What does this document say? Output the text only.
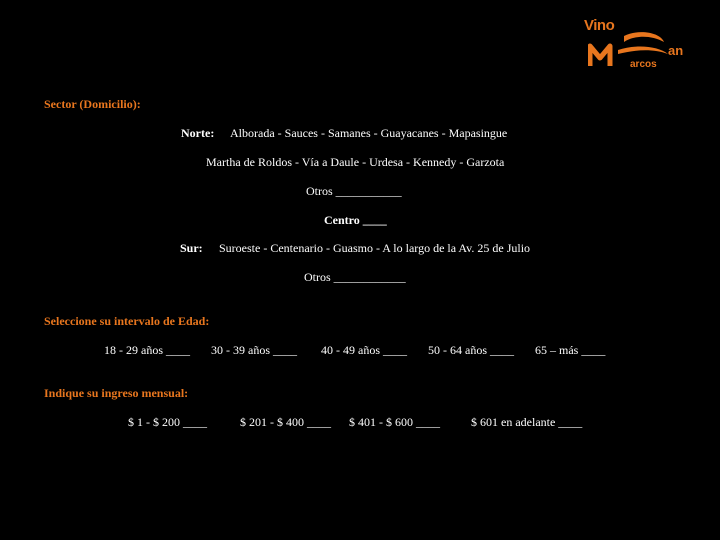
Vino
an
arcos
Sector (Domicilio):
Norte: Alborada - Sauces - Samanes - Guayacanes - Mapasingue
Martha de Roldos - Vía a Daule - Urdesa - Kennedy - Garzota
Otros ___________
Centro ____
Sur: Suroeste - Centenario - Guasmo - A lo largo de la Av. 25 de Julio
Otros ____________
Seleccione su intervalo de Edad:
18 - 29 años ____ 30 - 39 años ____ 40 - 49 años ____ 50 - 64 años ____ 65 – más ____
Indique su ingreso mensual:
$ 1 - $ 200 ____	$ 201 - $ 400 ____ $ 401 - $ 600 ____	$ 601 en adelante ____
